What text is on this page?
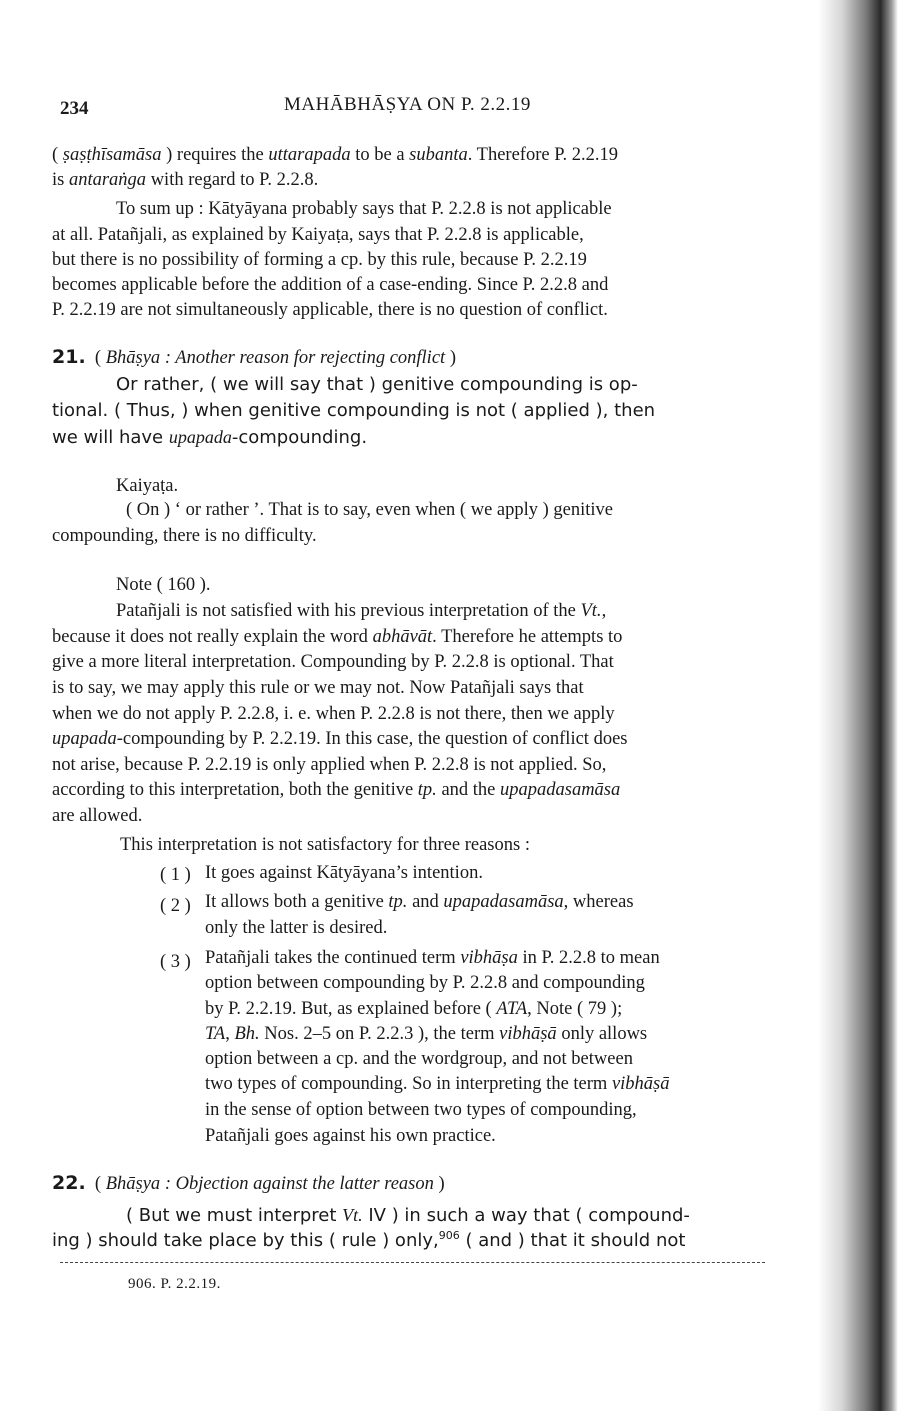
234	MAHĀBHĀṢYA ON P. 2.2.19
( ṣaṣṭhīsamāsa ) requires the uttarapada to be a subanta. Therefore P. 2.2.19
is antaraṅga with regard to P. 2.2.8.
To sum up : Kātyāyana probably says that P. 2.2.8 is not applicable
at all. Patañjali, as explained by Kaiyaṭa, says that P. 2.2.8 is applicable,
but there is no possibility of forming a cp. by this rule, because P. 2.2.19
becomes applicable before the addition of a case-ending. Since P. 2.2.8 and
P. 2.2.19 are not simultaneously applicable, there is no question of conflict.
21. ( Bhāṣya : Another reason for rejecting conflict )
Or rather, ( we will say that ) genitive compounding is op-
tional. ( Thus, ) when genitive compounding is not ( applied ), then
we will have upapada-compounding.
Kaiyaṭa.
( On ) ‘ or rather ’. That is to say, even when ( we apply ) genitive
compounding, there is no difficulty.
Note ( 160 ).
Patañjali is not satisfied with his previous interpretation of the Vt.,
because it does not really explain the word abhāvāt. Therefore he attempts to
give a more literal interpretation. Compounding by P. 2.2.8 is optional. That
is to say, we may apply this rule or we may not. Now Patañjali says that
when we do not apply P. 2.2.8, i. e. when P. 2.2.8 is not there, then we apply
upapada-compounding by P. 2.2.19. In this case, the question of conflict does
not arise, because P. 2.2.19 is only applied when P. 2.2.8 is not applied. So,
according to this interpretation, both the genitive tp. and the upapadasamāsa
are allowed.
This interpretation is not satisfactory for three reasons :
( 1 ) It goes against Kātyāyana’s intention.
( 2 ) It allows both a genitive tp. and upapadasamāsa, whereas
only the latter is desired.
( 3 ) Patañjali takes the continued term vibhāṣa in P. 2.2.8 to mean
option between compounding by P. 2.2.8 and compounding
by P. 2.2.19. But, as explained before ( ATA, Note ( 79 );
TA, Bh. Nos. 2–5 on P. 2.2.3 ), the term vibhāṣā only allows
option between a cp. and the wordgroup, and not between
two types of compounding. So in interpreting the term vibhāṣā
in the sense of option between two types of compounding,
Patañjali goes against his own practice.
22. ( Bhāṣya : Objection against the latter reason )
( But we must interpret Vt. IV ) in such a way that ( compound-
ing ) should take place by this ( rule ) only,$^{906}$ ( and ) that it should not
906. P. 2.2.19.
